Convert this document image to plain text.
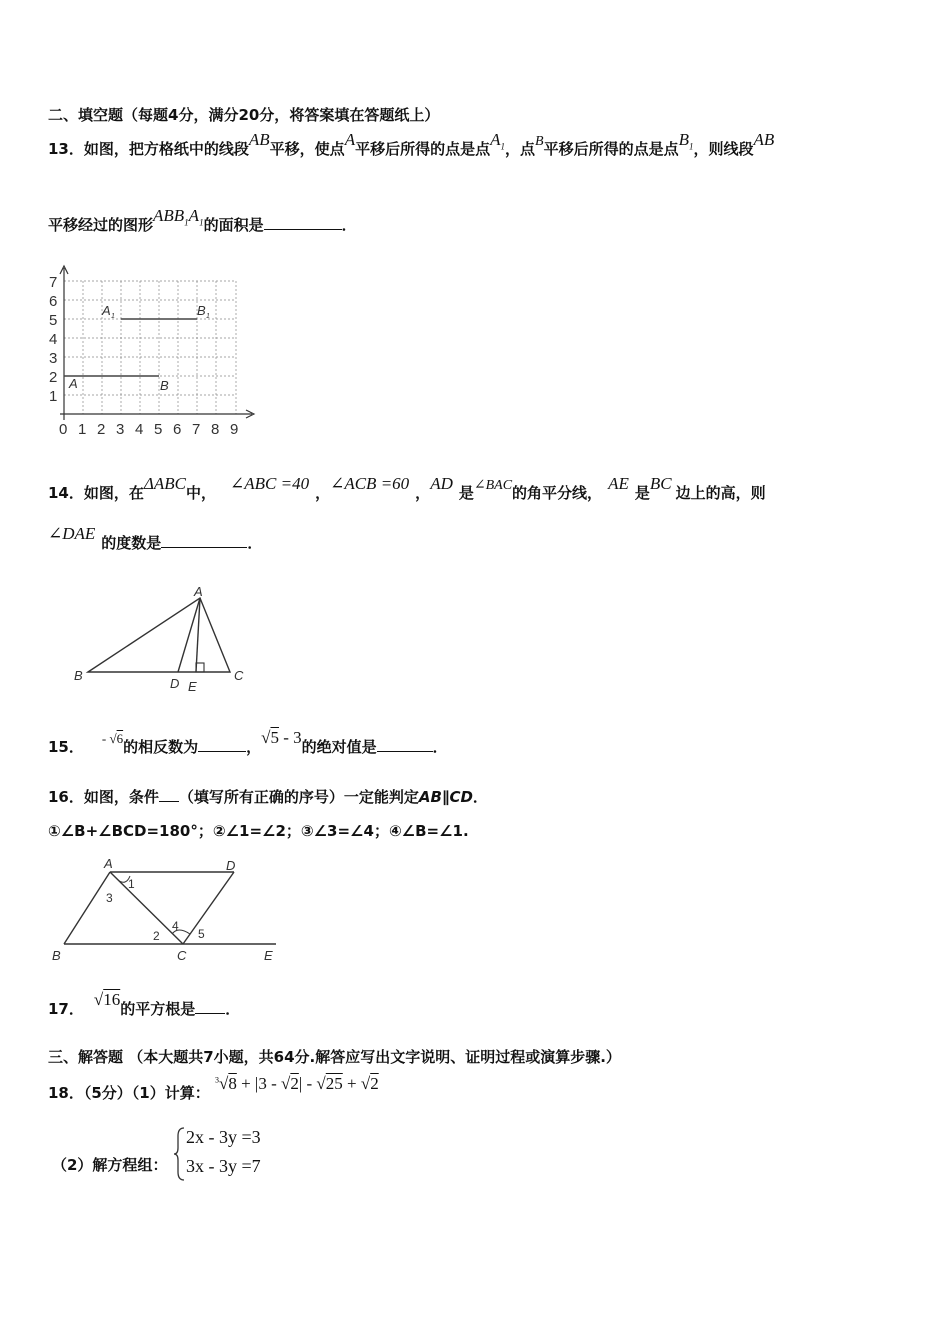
二、填空题（每题4分，满分20分，将答案填在答题纸上）
13．如图，把方格纸中的线段AB平移，使点A平移后所得的点是点$A_1$，点B平移后所得的点是点$B_1$，则线段AB
平移经过的图形$ABB_1A_1$的面积是	．
7
6
5
4
3
2
1
0 1 2 3 4 5 6 7 8 9
A 1	B 1
A	B
14．如图，在ΔABC中， ∠ABC =40 ，∠ACB =60 ，AD 是∠BAC的角平分线， AE 是BC 边上的高，则
∠DAE 的度数是	．
A
B	C
D E
15． - √6的相反数为	，√5 - 3的绝对值是	．
16．如图，条件 （填写所有正确的序号）一定能判定AB∥CD．
①∠B+∠BCD=180°；②∠1=∠2；③∠3=∠4；④∠B=∠1.
A	D
B	C	E
1
2
3
4
5
17． √16的平方根是 ．
三、解答题 （本大题共7小题，共64分.解答应写出文字说明、证明过程或演算步骤.）
18．（5分）（1）计算： $^3$√8 + |3 - √2| - √25 + √2
（2）解方程组：
2x - 3y =3
3x - 3y =7
